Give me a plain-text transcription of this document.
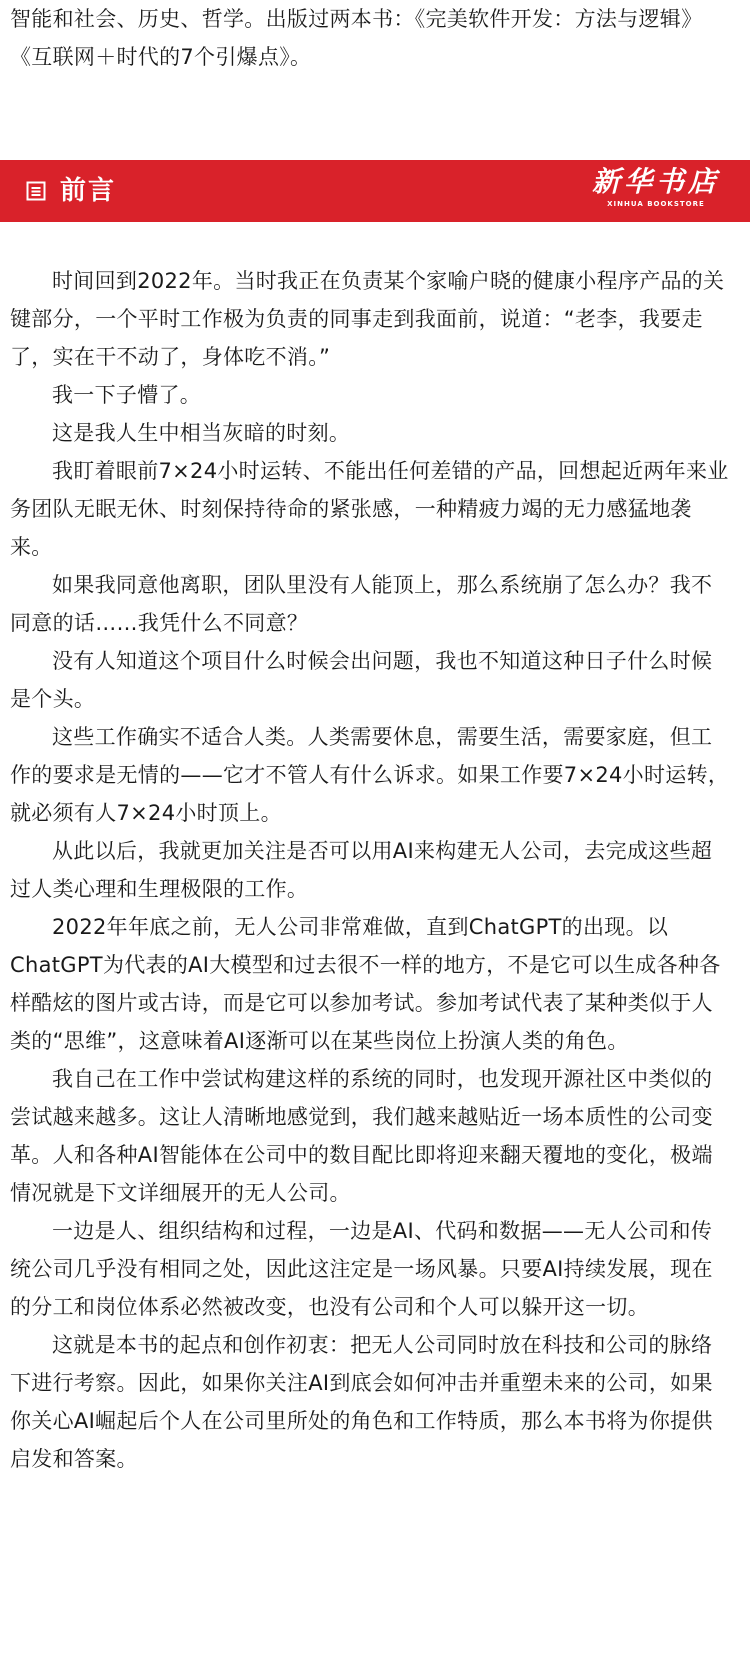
智能和社会、历史、哲学。出版过两本书：《完美软件开发：方法与逻辑》《互联网＋时代的7个引爆点》。

前言	新华书店
XINHUA BOOKSTORE

时间回到2022年。当时我正在负责某个家喻户晓的健康小程序产品的关键部分，一个平时工作极为负责的同事走到我面前，说道：“老李，我要走了，实在干不动了，身体吃不消。”

我一下子懵了。

这是我人生中相当灰暗的时刻。

我盯着眼前7×24小时运转、不能出任何差错的产品，回想起近两年来业务团队无眠无休、时刻保持待命的紧张感，一种精疲力竭的无力感猛地袭来。

如果我同意他离职，团队里没有人能顶上，那么系统崩了怎么办？我不同意的话……我凭什么不同意？

没有人知道这个项目什么时候会出问题，我也不知道这种日子什么时候是个头。

这些工作确实不适合人类。人类需要休息，需要生活，需要家庭，但工作的要求是无情的——它才不管人有什么诉求。如果工作要7×24小时运转，就必须有人7×24小时顶上。

从此以后，我就更加关注是否可以用AI来构建无人公司，去完成这些超过人类心理和生理极限的工作。

2022年年底之前，无人公司非常难做，直到ChatGPT的出现。以ChatGPT为代表的AI大模型和过去很不一样的地方，不是它可以生成各种各样酷炫的图片或古诗，而是它可以参加考试。参加考试代表了某种类似于人类的“思维”，这意味着AI逐渐可以在某些岗位上扮演人类的角色。

我自己在工作中尝试构建这样的系统的同时，也发现开源社区中类似的尝试越来越多。这让人清晰地感觉到，我们越来越贴近一场本质性的公司变革。人和各种AI智能体在公司中的数目配比即将迎来翻天覆地的变化，极端情况就是下文详细展开的无人公司。

一边是人、组织结构和过程，一边是AI、代码和数据——无人公司和传统公司几乎没有相同之处，因此这注定是一场风暴。只要AI持续发展，现在的分工和岗位体系必然被改变，也没有公司和个人可以躲开这一切。

这就是本书的起点和创作初衷：把无人公司同时放在科技和公司的脉络下进行考察。因此，如果你关注AI到底会如何冲击并重塑未来的公司，如果你关心AI崛起后个人在公司里所处的角色和工作特质，那么本书将为你提供启发和答案。
